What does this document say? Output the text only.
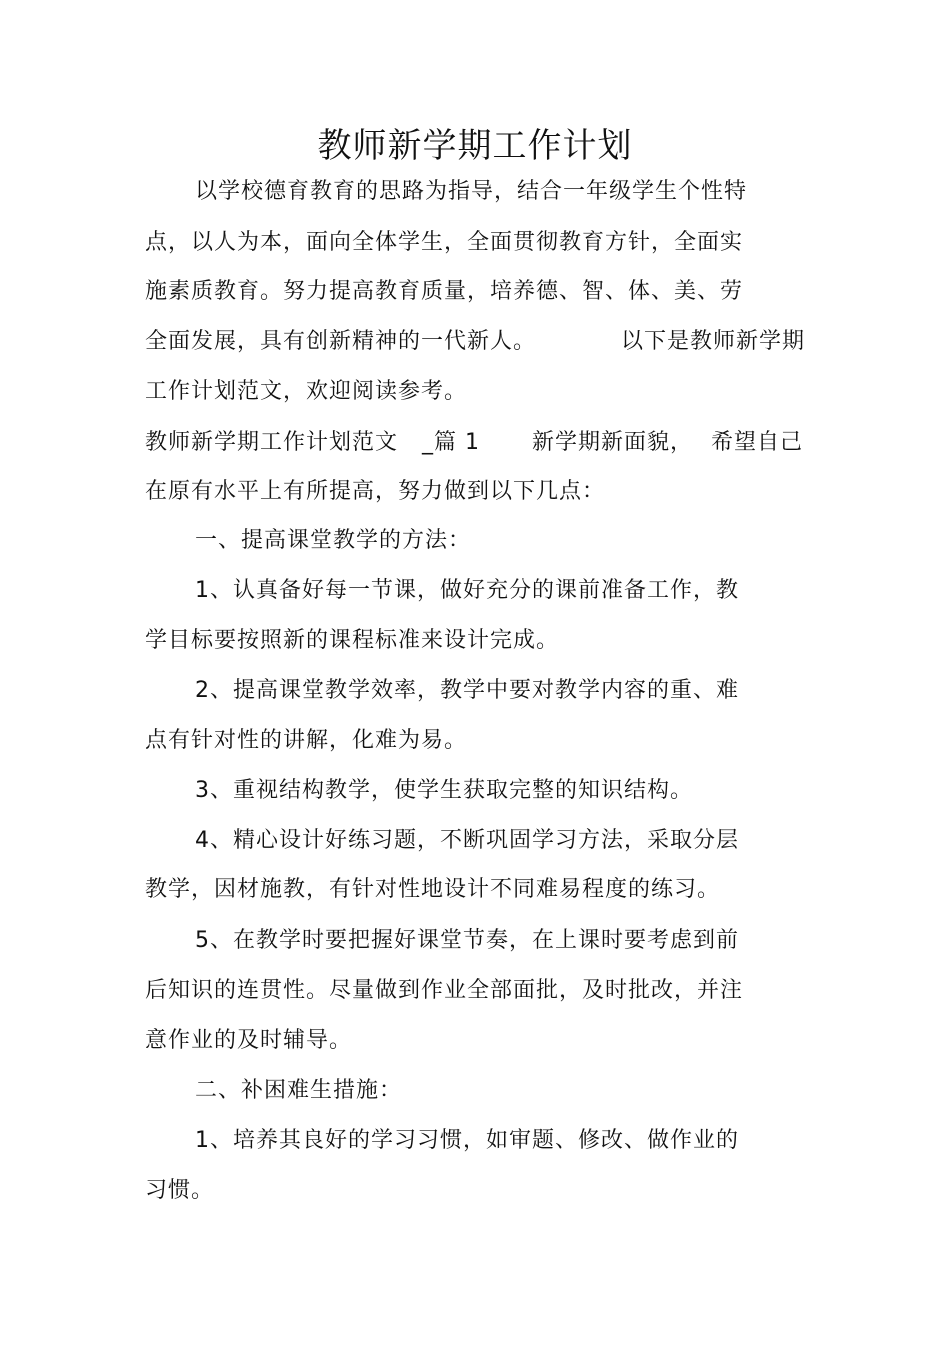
教师新学期工作计划
以学校德育教育的思路为指导，结合一年级学生个性特
点，以人为本，面向全体学生，全面贯彻教育方针，全面实
施素质教育。努力提高教育质量，培养德、智、体、美、劳
全面发展，具有创新精神的一代新人。	以下是教师新学期
工作计划范文，欢迎阅读参考。
教师新学期工作计划范文 _篇 1 新学期新面貌， 希望自己
在原有水平上有所提高，努力做到以下几点：
一、提高课堂教学的方法：
1、认真备好每一节课，做好充分的课前准备工作，教
学目标要按照新的课程标准来设计完成。
2、提高课堂教学效率，教学中要对教学内容的重、难
点有针对性的讲解，化难为易。
3、重视结构教学，使学生获取完整的知识结构。
4、精心设计好练习题，不断巩固学习方法，采取分层
教学，因材施教，有针对性地设计不同难易程度的练习。
5、在教学时要把握好课堂节奏，在上课时要考虑到前
后知识的连贯性。尽量做到作业全部面批，及时批改，并注
意作业的及时辅导。
二、补困难生措施：
1、培养其良好的学习习惯，如审题、修改、做作业的
习惯。
